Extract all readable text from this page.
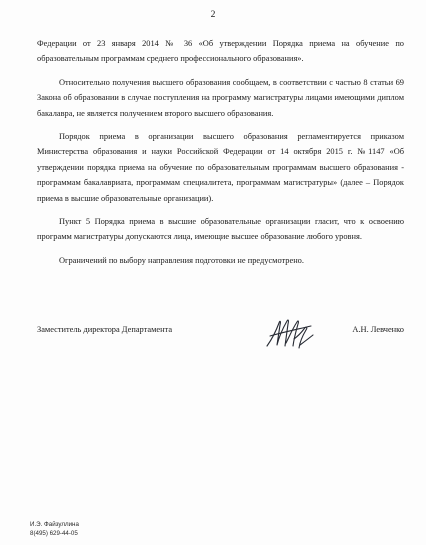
2

Федерации от 23 января 2014 № 36 «Об утверждении Порядка приема на обучение по образовательным программам среднего профессионального образования».

Относительно получения высшего образования сообщаем, в соответствии с частью 8 статьи 69 Закона об образовании в случае поступления на программу магистратуры лицами имеющими диплом бакалавра, не является получением второго высшего образования.

Порядок приема в организации высшего образования регламентируется приказом Министерства образования и науки Российской Федерации от 14 октября 2015 г. №1147 «Об утверждении порядка приема на обучение по образовательным программам высшего образования - программам бакалавриата, программам специалитета, программам магистратуры» (далее – Порядок приема в высшие образовательные организации).

Пункт 5 Порядка приема в высшие образовательные организации гласит, что к освоению программ магистратуры допускаются лица, имеющие высшее образование любого уровня.

Ограничений по выбору направления подготовки не предусмотрено.

Заместитель директора Департамента	А.Н. Левченко
И.Э. Файзуллина
8(495) 629-44-05
